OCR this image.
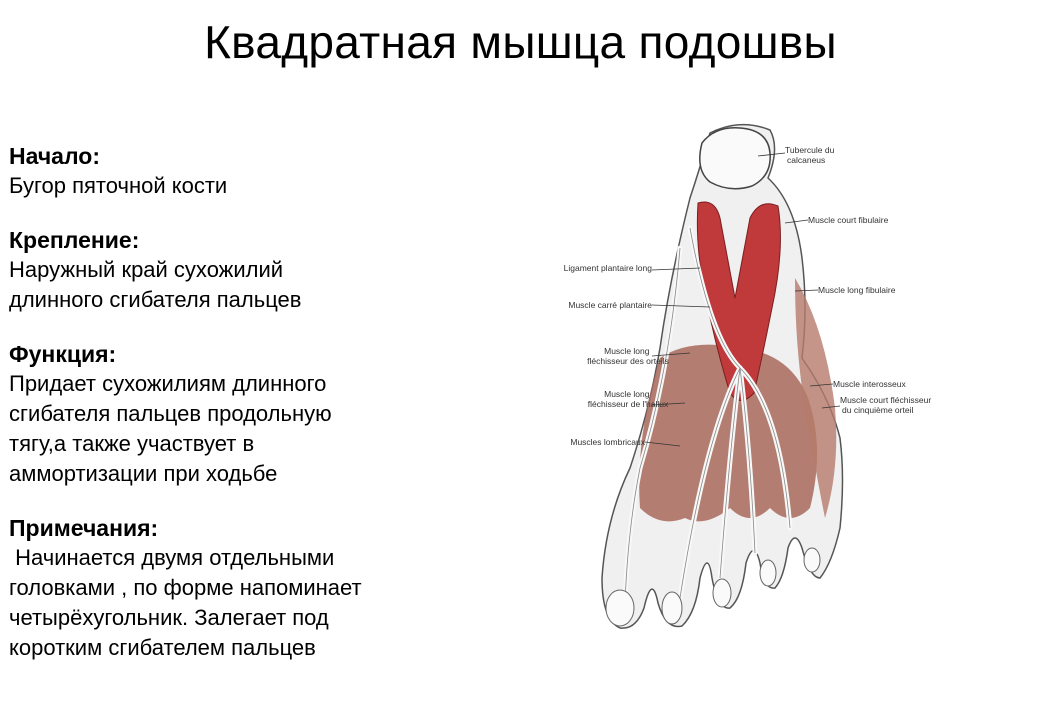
Квадратная мышца подошвы
Начало:
Бугор пяточной кости
Крепление:
Наружный край сухожилий
длинного сгибателя пальцев
Функция:
Придает сухожилиям длинного
сгибателя пальцев продольную
тягу,а также участвует в
аммортизации при ходьбе
Примечания:
Начинается двумя отдельными
головками , по форме напоминает
четырёхугольник. Залегает под
коротким сгибателем пальцев
Tubercule du calcaneus
Muscle court fibulaire
Muscle long fibulaire
Muscle interosseux
Muscle court fléchisseur du cinquième orteil
Ligament plantaire long
Muscle carré plantaire
Muscle long fléchisseur des orteils
Muscle long fléchisseur de l'hallux
Muscles lombricaux
